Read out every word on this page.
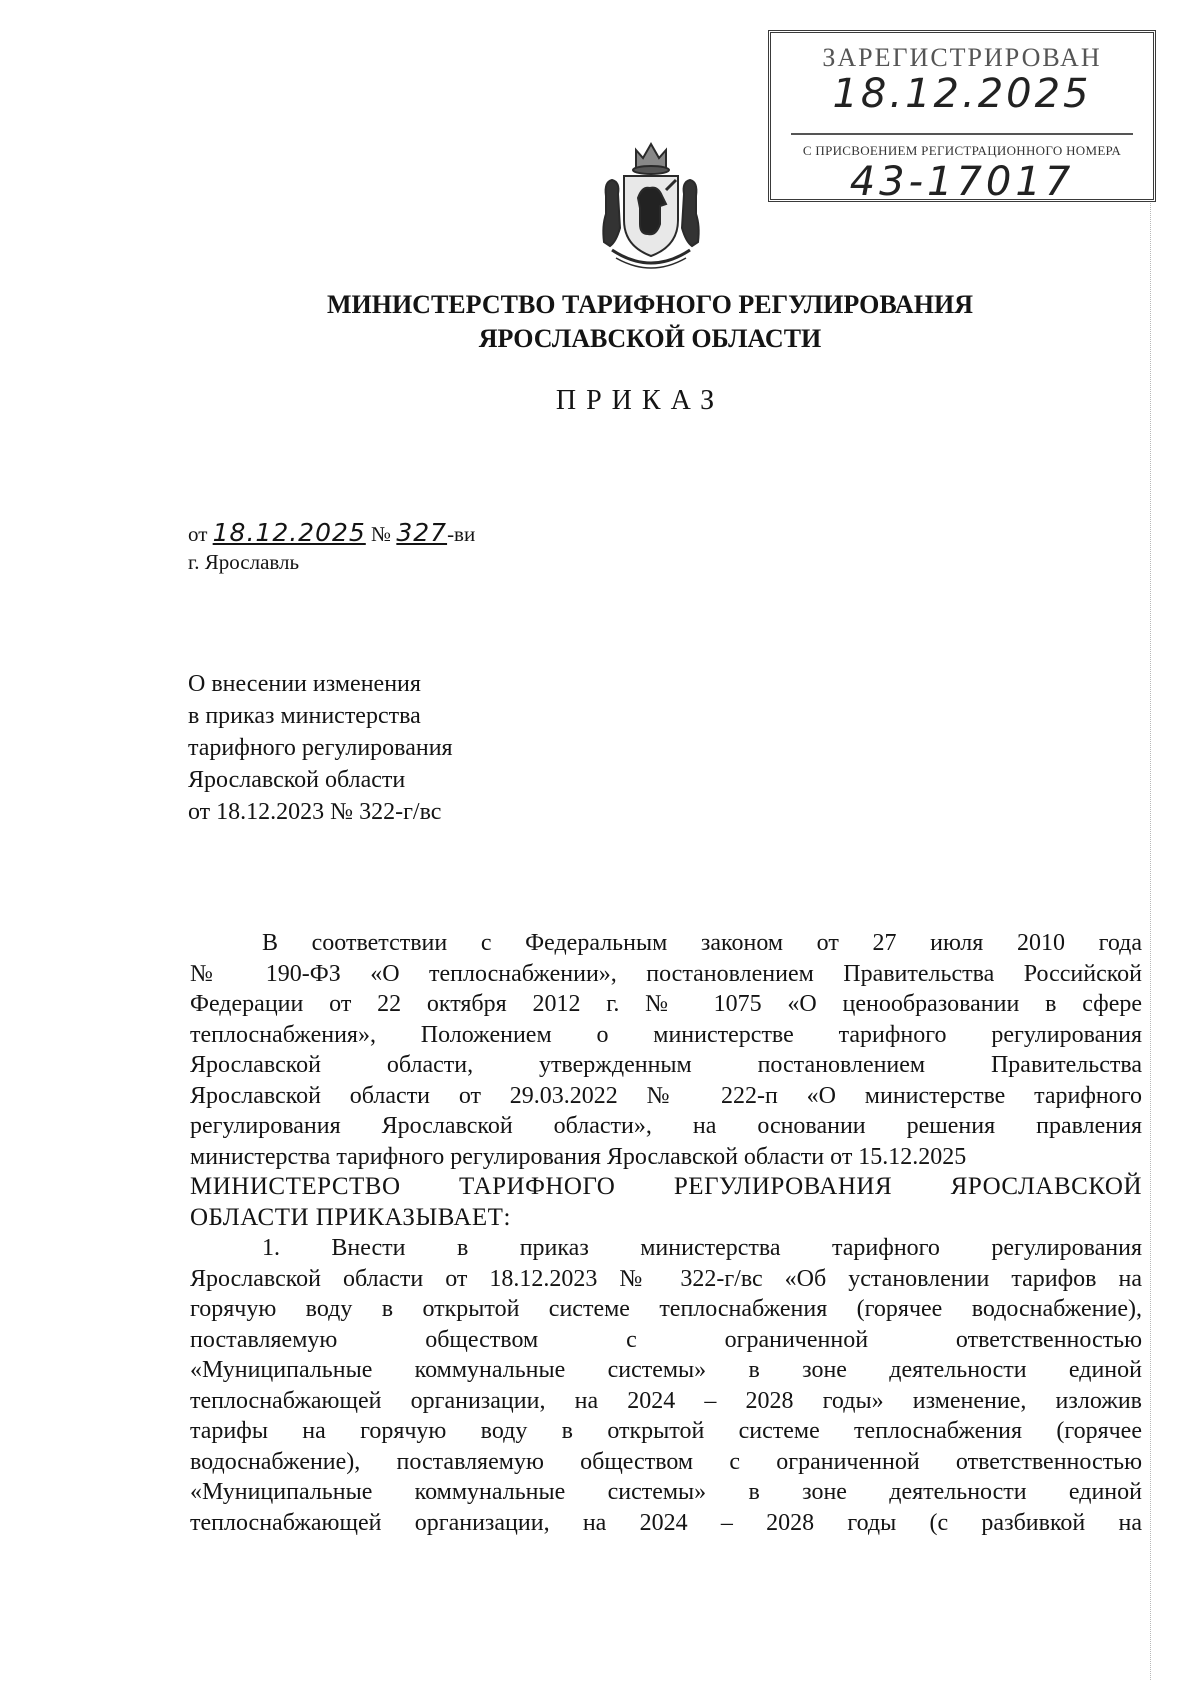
ЗАРЕГИСТРИРОВАН
18.12.2025
С ПРИСВОЕНИЕМ РЕГИСТРАЦИОННОГО НОМЕРА
43-17017
МИНИСТЕРСТВО ТАРИФНОГО РЕГУЛИРОВАНИЯ
ЯРОСЛАВСКОЙ ОБЛАСТИ
ПРИКАЗ
от 18.12.2025 № 327-ви
г. Ярославль
О внесении изменения
в приказ министерства
тарифного регулирования
Ярославской области
от 18.12.2023 № 322-г/вс
В соответствии с Федеральным законом от 27 июля 2010 года
№ 190-ФЗ «О теплоснабжении», постановлением Правительства Российской
Федерации от 22 октября 2012 г. № 1075 «О ценообразовании в сфере
теплоснабжения», Положением о министерстве тарифного регулирования
Ярославской области, утвержденным постановлением Правительства
Ярославской области от 29.03.2022 № 222-п «О министерстве тарифного
регулирования Ярославской области», на основании решения правления
министерства тарифного регулирования Ярославской области от 15.12.2025
МИНИСТЕРСТВО ТАРИФНОГО РЕГУЛИРОВАНИЯ ЯРОСЛАВСКОЙ
ОБЛАСТИ ПРИКАЗЫВАЕТ:
1. Внести в приказ министерства тарифного регулирования
Ярославской области от 18.12.2023 № 322-г/вс «Об установлении тарифов на
горячую воду в открытой системе теплоснабжения (горячее водоснабжение),
поставляемую обществом с ограниченной ответственностью
«Муниципальные коммунальные системы» в зоне деятельности единой
теплоснабжающей организации, на 2024 – 2028 годы» изменение, изложив
тарифы на горячую воду в открытой системе теплоснабжения (горячее
водоснабжение), поставляемую обществом с ограниченной ответственностью
«Муниципальные коммунальные системы» в зоне деятельности единой
теплоснабжающей организации, на 2024 – 2028 годы (с разбивкой на
